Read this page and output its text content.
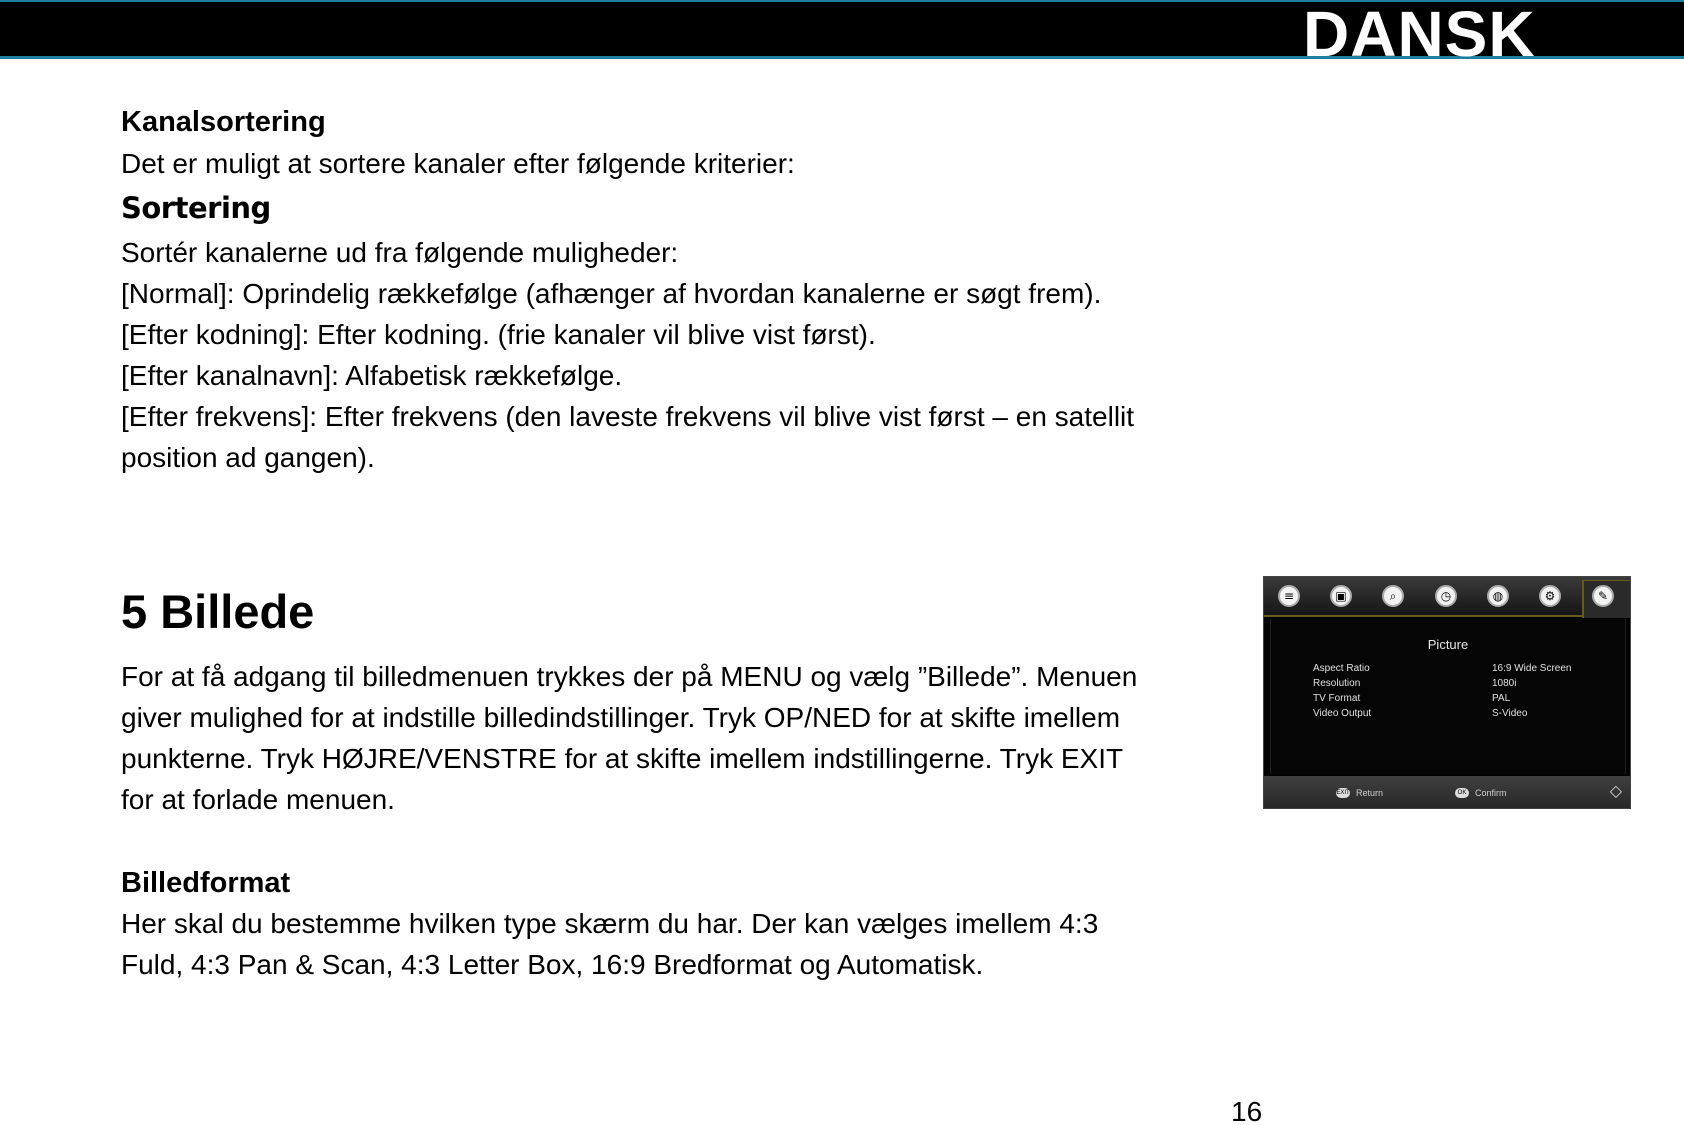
DANSK
Kanalsortering
Det er muligt at sortere kanaler efter følgende kriterier:
Sortering
Sortér kanalerne ud fra følgende muligheder:
[Normal]: Oprindelig rækkefølge (afhænger af hvordan kanalerne er søgt frem).
[Efter kodning]: Efter kodning. (frie kanaler vil blive vist først).
[Efter kanalnavn]: Alfabetisk rækkefølge.
[Efter frekvens]: Efter frekvens (den laveste frekvens vil blive vist først – en satellit
position ad gangen).
5 Billede
For at få adgang til billedmenuen trykkes der på MENU og vælg ”Billede”. Menuen
giver mulighed for at indstille billedindstillinger. Tryk OP/NED for at skifte imellem
punkterne. Tryk HØJRE/VENSTRE for at skifte imellem indstillingerne. Tryk EXIT
for at forlade menuen.
Billedformat
Her skal du bestemme hvilken type skærm du har. Der kan vælges imellem 4:3
Fuld, 4:3 Pan & Scan, 4:3 Letter Box, 16:9 Bredformat og Automatisk.
≡	▣	⌕	◷	◍	⚙	✎
Picture
Aspect Ratio	16:9 Wide Screen
Resolution	1080i
TV Format	PAL
Video Output	S-Video
EXIT Return	OK Confirm	◇
16
